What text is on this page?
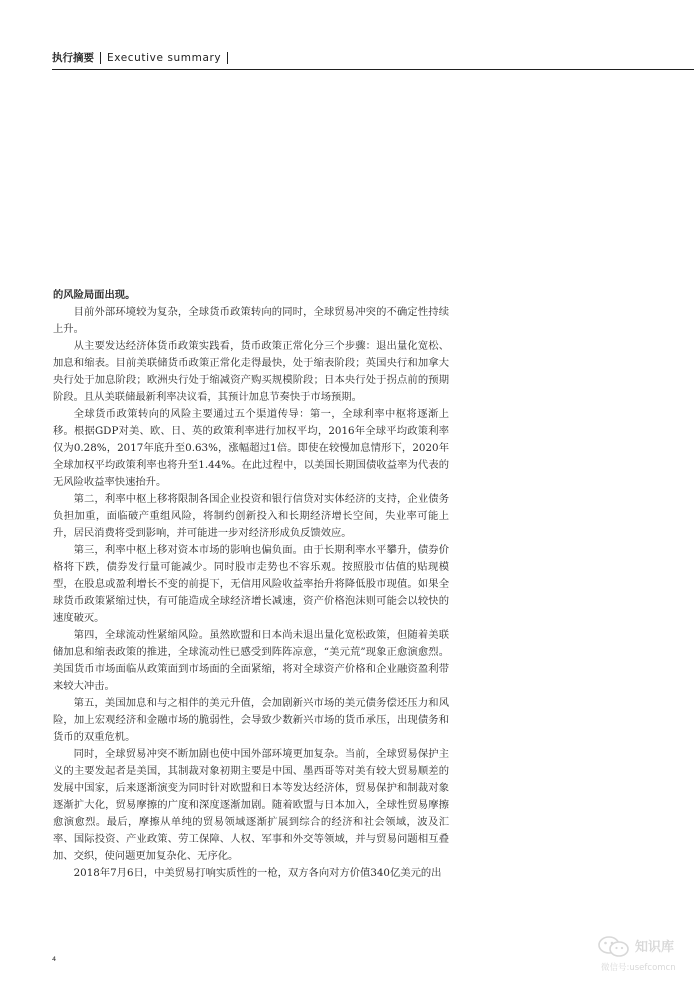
执行摘要 Executive summary

的风险局面出现。

目前外部环境较为复杂，全球货币政策转向的同时，全球贸易冲突的不确定性持续上升。

从主要发达经济体货币政策实践看，货币政策正常化分三个步骤：退出量化宽松、加息和缩表。目前美联储货币政策正常化走得最快，处于缩表阶段；英国央行和加拿大央行处于加息阶段；欧洲央行处于缩减资产购买规模阶段；日本央行处于拐点前的预期阶段。且从美联储最新利率决议看，其预计加息节奏快于市场预期。

全球货币政策转向的风险主要通过五个渠道传导：第一，全球利率中枢将逐渐上移。根据GDP对美、欧、日、英的政策利率进行加权平均，2016年全球平均政策利率仅为0.28%，2017年底升至0.63%，涨幅超过1倍。即使在较慢加息情形下，2020年全球加权平均政策利率也将升至1.44%。在此过程中，以美国长期国债收益率为代表的无风险收益率快速抬升。

第二，利率中枢上移将限制各国企业投资和银行信贷对实体经济的支持，企业债务负担加重，面临破产重组风险，将制约创新投入和长期经济增长空间，失业率可能上升，居民消费将受到影响，并可能进一步对经济形成负反馈效应。

第三，利率中枢上移对资本市场的影响也偏负面。由于长期利率水平攀升，债券价格将下跌，债券发行量可能减少。同时股市走势也不容乐观。按照股市估值的贴现模型，在股息或盈利增长不变的前提下，无信用风险收益率抬升将降低股市现值。如果全球货币政策紧缩过快，有可能造成全球经济增长减速，资产价格泡沫则可能会以较快的速度破灭。

第四，全球流动性紧缩风险。虽然欧盟和日本尚未退出量化宽松政策，但随着美联储加息和缩表政策的推进，全球流动性已感受到阵阵凉意，“美元荒”现象正愈演愈烈。美国货币市场面临从政策面到市场面的全面紧缩，将对全球资产价格和企业融资盈利带来较大冲击。

第五，美国加息和与之相伴的美元升值，会加剧新兴市场的美元债务偿还压力和风险，加上宏观经济和金融市场的脆弱性，会导致少数新兴市场的货币承压，出现债务和货币的双重危机。

同时，全球贸易冲突不断加剧也使中国外部环境更加复杂。当前，全球贸易保护主义的主要发起者是美国，其制裁对象初期主要是中国、墨西哥等对美有较大贸易顺差的发展中国家，后来逐渐演变为同时针对欧盟和日本等发达经济体，贸易保护和制裁对象逐渐扩大化，贸易摩擦的广度和深度逐渐加剧。随着欧盟与日本加入，全球性贸易摩擦愈演愈烈。最后，摩擦从单纯的贸易领域逐渐扩展到综合的经济和社会领域，波及汇率、国际投资、产业政策、劳工保障、人权、军事和外交等领域，并与贸易问题相互叠加、交织，使问题更加复杂化、无序化。

2018年7月6日，中美贸易打响实质性的一枪，双方各向对方价值340亿美元的出

4
知识库
微信号:usefcomcn
